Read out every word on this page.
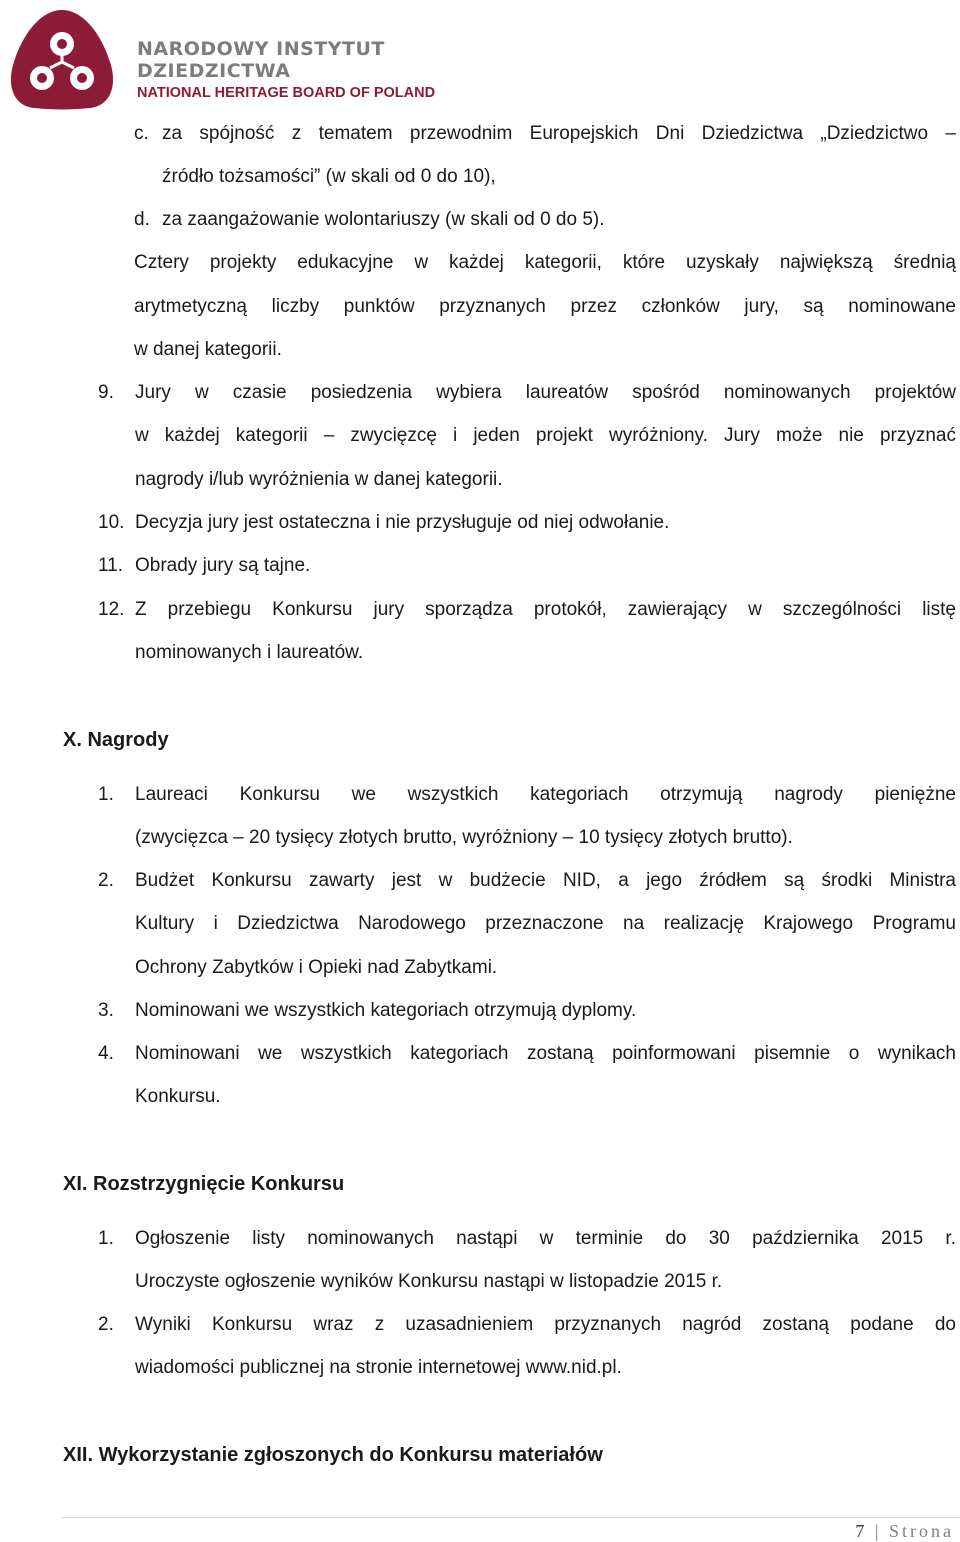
NARODOWY INSTYTUT
DZIEDZICTWA
NATIONAL HERITAGE BOARD OF POLAND
c. za spójność z tematem przewodnim Europejskich Dni Dziedzictwa „Dziedzictwo –
źródło tożsamości” (w skali od 0 do 10),
d. za zaangażowanie wolontariuszy (w skali od 0 do 5).
Cztery projekty edukacyjne w każdej kategorii, które uzyskały największą średnią
arytmetyczną liczby punktów przyznanych przez członków jury, są nominowane
w danej kategorii.
9. Jury w czasie posiedzenia wybiera laureatów spośród nominowanych projektów
w każdej kategorii – zwycięzcę i jeden projekt wyróżniony. Jury może nie przyznać
nagrody i/lub wyróżnienia w danej kategorii.
10. Decyzja jury jest ostateczna i nie przysługuje od niej odwołanie.
11. Obrady jury są tajne.
12. Z przebiegu Konkursu jury sporządza protokół, zawierający w szczególności listę
nominowanych i laureatów.
X. Nagrody
1. Laureaci Konkursu we wszystkich kategoriach otrzymują nagrody pieniężne
(zwycięzca – 20 tysięcy złotych brutto, wyróżniony – 10 tysięcy złotych brutto).
2. Budżet Konkursu zawarty jest w budżecie NID, a jego źródłem są środki Ministra
Kultury i Dziedzictwa Narodowego przeznaczone na realizację Krajowego Programu
Ochrony Zabytków i Opieki nad Zabytkami.
3. Nominowani we wszystkich kategoriach otrzymują dyplomy.
4. Nominowani we wszystkich kategoriach zostaną poinformowani pisemnie o wynikach
Konkursu.
XI. Rozstrzygnięcie Konkursu
1. Ogłoszenie listy nominowanych nastąpi w terminie do 30 października 2015 r.
Uroczyste ogłoszenie wyników Konkursu nastąpi w listopadzie 2015 r.
2. Wyniki Konkursu wraz z uzasadnieniem przyznanych nagród zostaną podane do
wiadomości publicznej na stronie internetowej www.nid.pl.
XII. Wykorzystanie zgłoszonych do Konkursu materiałów
7 | Strona
